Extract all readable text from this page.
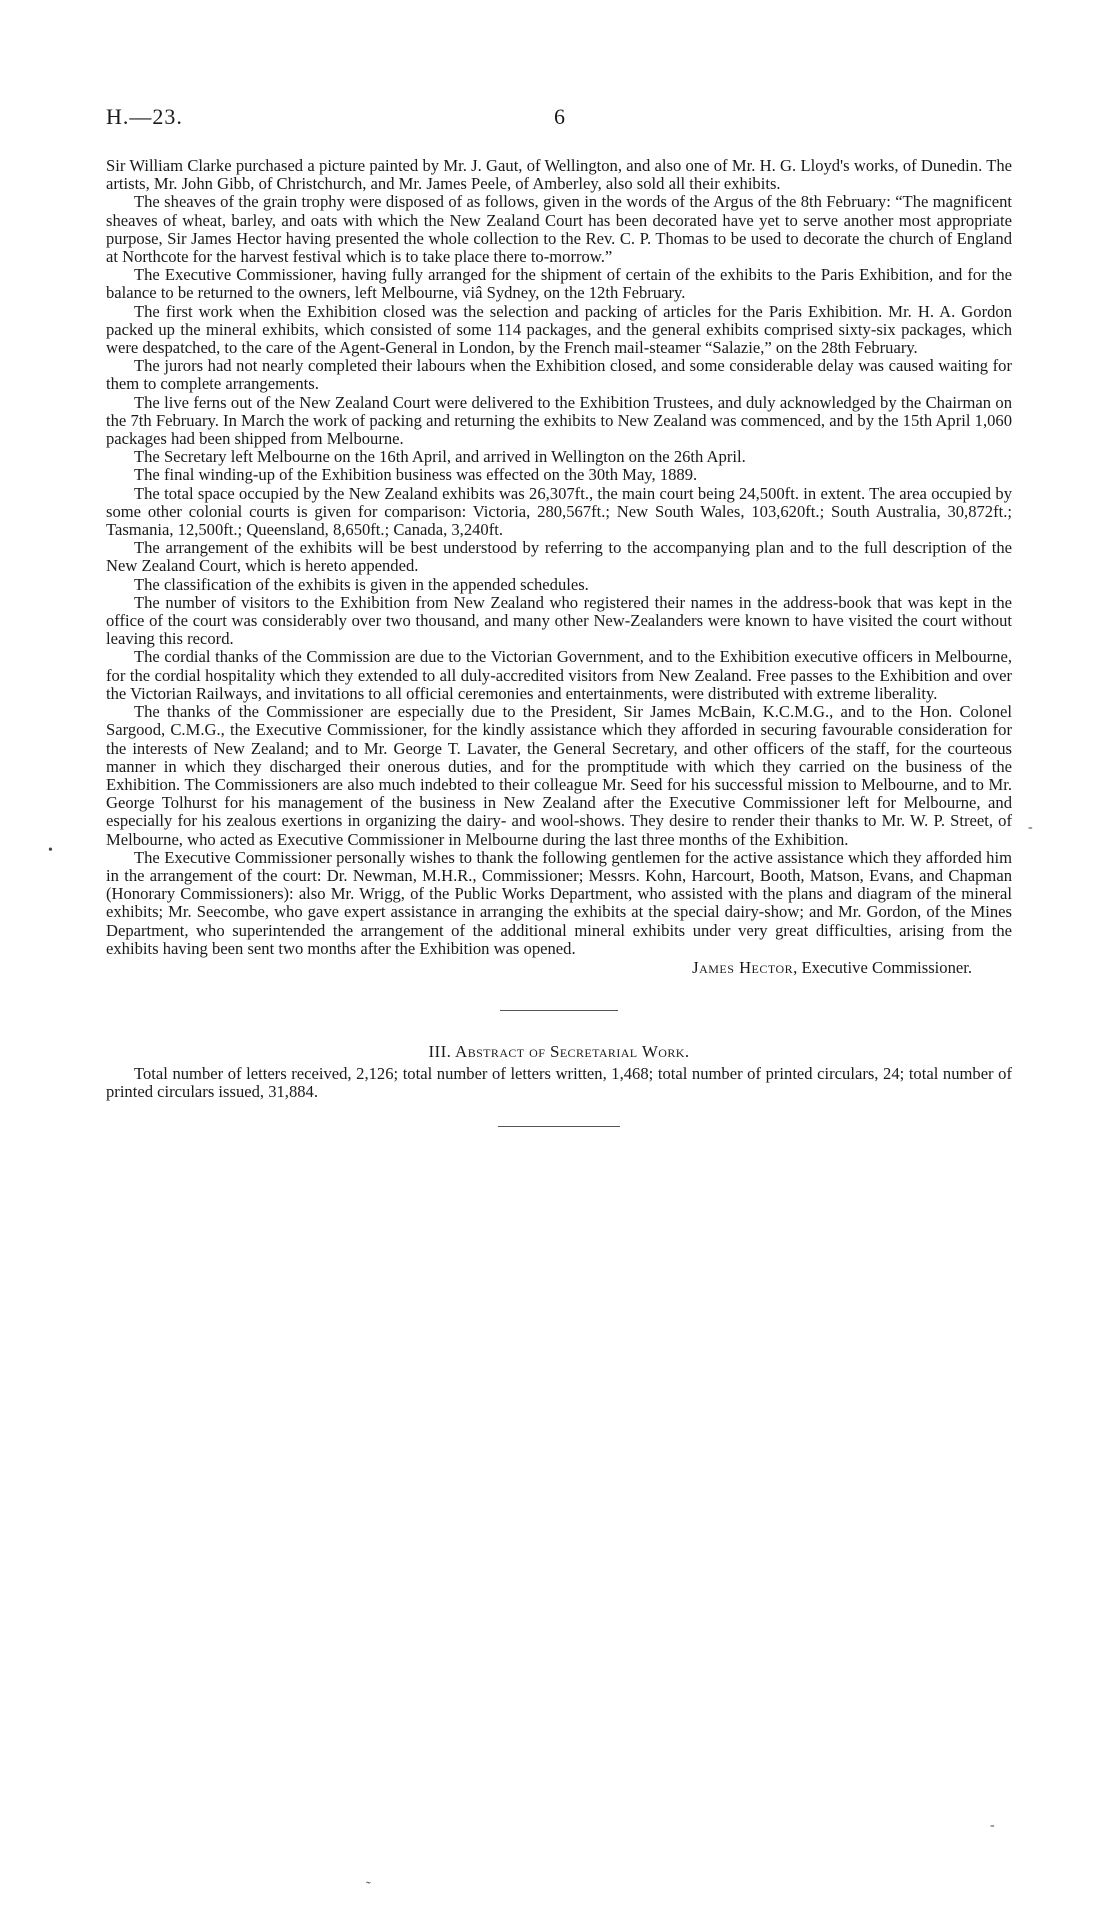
H.—23.	6

Sir William Clarke purchased a picture painted by Mr. J. Gaut, of Wellington, and also one of Mr. H. G. Lloyd's works, of Dunedin. The artists, Mr. John Gibb, of Christchurch, and Mr. James Peele, of Amberley, also sold all their exhibits.

The sheaves of the grain trophy were disposed of as follows, given in the words of the Argus of the 8th February: “The magnificent sheaves of wheat, barley, and oats with which the New Zealand Court has been decorated have yet to serve another most appropriate purpose, Sir James Hector having presented the whole collection to the Rev. C. P. Thomas to be used to decorate the church of England at Northcote for the harvest festival which is to take place there to-morrow.”

The Executive Commissioner, having fully arranged for the shipment of certain of the exhibits to the Paris Exhibition, and for the balance to be returned to the owners, left Melbourne, viâ Sydney, on the 12th February.

The first work when the Exhibition closed was the selection and packing of articles for the Paris Exhibition. Mr. H. A. Gordon packed up the mineral exhibits, which consisted of some 114 packages, and the general exhibits comprised sixty-six packages, which were despatched, to the care of the Agent-General in London, by the French mail-steamer “Salazie,” on the 28th February.

The jurors had not nearly completed their labours when the Exhibition closed, and some considerable delay was caused waiting for them to complete arrangements.

The live ferns out of the New Zealand Court were delivered to the Exhibition Trustees, and duly acknowledged by the Chairman on the 7th February. In March the work of packing and returning the exhibits to New Zealand was commenced, and by the 15th April 1,060 packages had been shipped from Melbourne.

The Secretary left Melbourne on the 16th April, and arrived in Wellington on the 26th April.

The final winding-up of the Exhibition business was effected on the 30th May, 1889.

The total space occupied by the New Zealand exhibits was 26,307ft., the main court being 24,500ft. in extent. The area occupied by some other colonial courts is given for comparison: Victoria, 280,567ft.; New South Wales, 103,620ft.; South Australia, 30,872ft.; Tasmania, 12,500ft.; Queensland, 8,650ft.; Canada, 3,240ft.

The arrangement of the exhibits will be best understood by referring to the accompanying plan and to the full description of the New Zealand Court, which is hereto appended.

The classification of the exhibits is given in the appended schedules.

The number of visitors to the Exhibition from New Zealand who registered their names in the address-book that was kept in the office of the court was considerably over two thousand, and many other New-Zealanders were known to have visited the court without leaving this record.

The cordial thanks of the Commission are due to the Victorian Government, and to the Exhibition executive officers in Melbourne, for the cordial hospitality which they extended to all duly-accredited visitors from New Zealand. Free passes to the Exhibition and over the Victorian Railways, and invitations to all official ceremonies and entertainments, were distributed with extreme liberality.

The thanks of the Commissioner are especially due to the President, Sir James McBain, K.C.M.G., and to the Hon. Colonel Sargood, C.M.G., the Executive Commissioner, for the kindly assistance which they afforded in securing favourable consideration for the interests of New Zealand; and to Mr. George T. Lavater, the General Secretary, and other officers of the staff, for the courteous manner in which they discharged their onerous duties, and for the promptitude with which they carried on the business of the Exhibition. The Commissioners are also much indebted to their colleague Mr. Seed for his successful mission to Melbourne, and to Mr. George Tolhurst for his management of the business in New Zealand after the Executive Commissioner left for Melbourne, and especially for his zealous exertions in organizing the dairy- and wool-shows. They desire to render their thanks to Mr. W. P. Street, of Melbourne, who acted as Executive Commissioner in Melbourne during the last three months of the Exhibition.

The Executive Commissioner personally wishes to thank the following gentlemen for the active assistance which they afforded him in the arrangement of the court: Dr. Newman, M.H.R., Commissioner; Messrs. Kohn, Harcourt, Booth, Matson, Evans, and Chapman (Honorary Commissioners): also Mr. Wrigg, of the Public Works Department, who assisted with the plans and diagram of the mineral exhibits; Mr. Seecombe, who gave expert assistance in arranging the exhibits at the special dairy-show; and Mr. Gordon, of the Mines Department, who superintended the arrangement of the additional mineral exhibits under very great difficulties, arising from the exhibits having been sent two months after the Exhibition was opened.

James Hector, Executive Commissioner.
III. Abstract of Secretarial Work.

Total number of letters received, 2,126; total number of letters written, 1,468; total number of printed circulars, 24; total number of printed circulars issued, 31,884.

-
•
-
˜
